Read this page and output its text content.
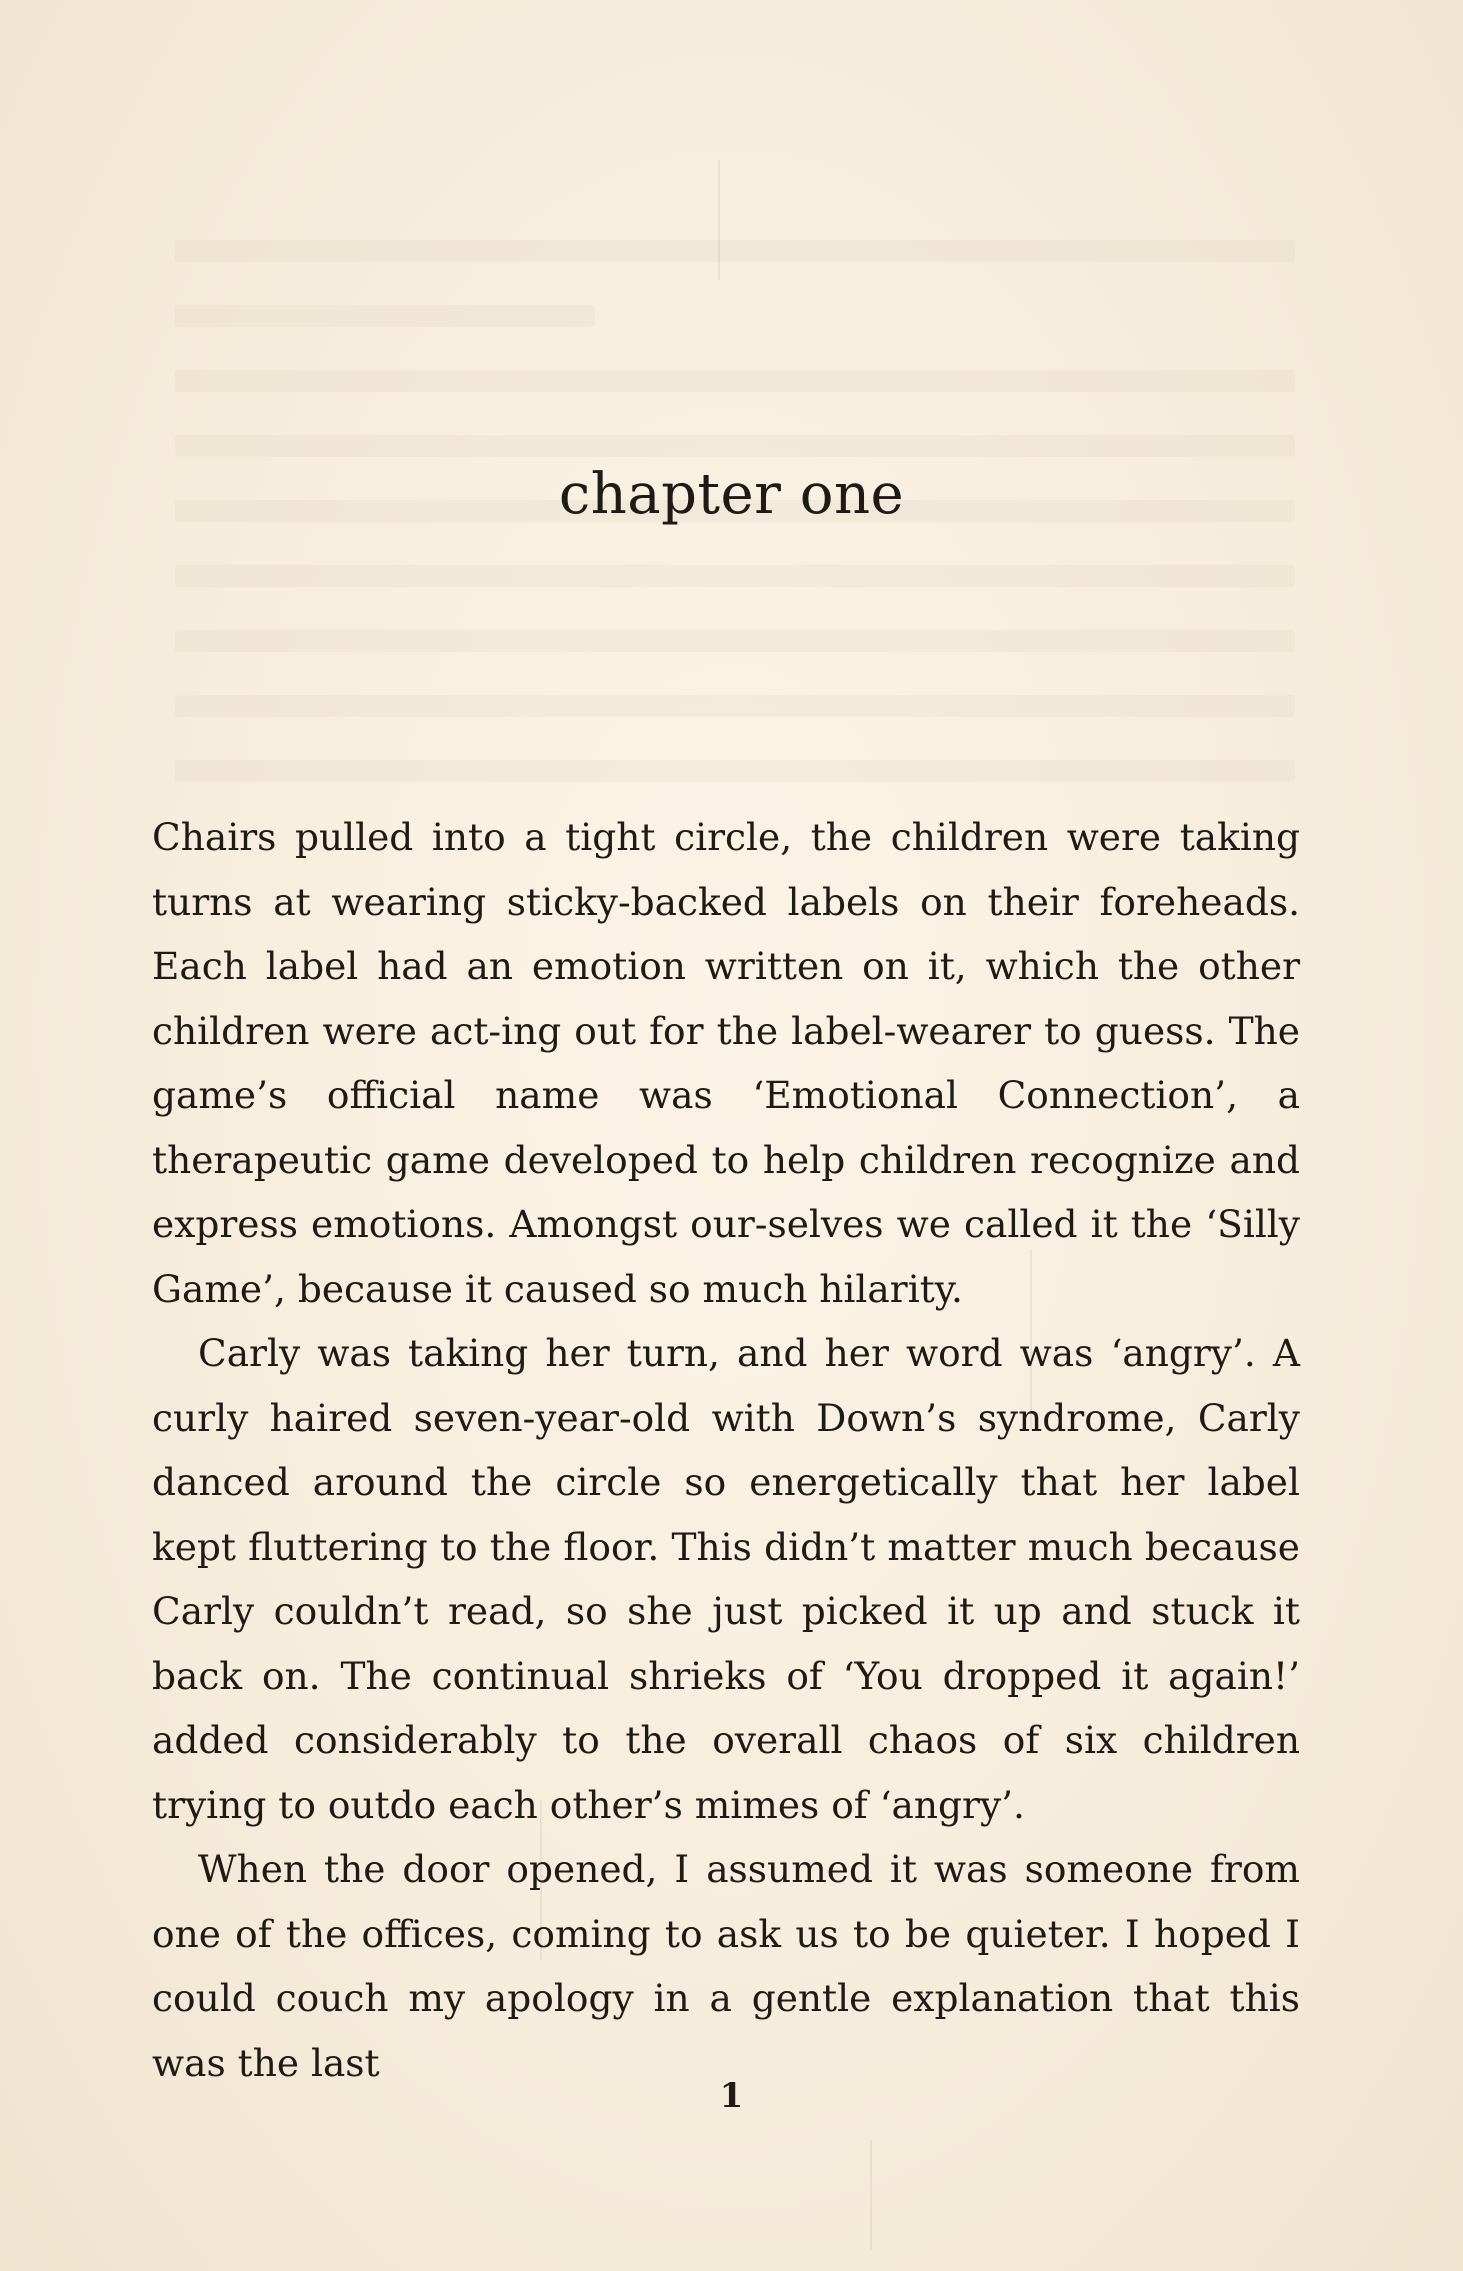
chapter one

Chairs pulled into a tight circle, the children were taking turns at wearing sticky-backed labels on their foreheads. Each label had an emotion written on it, which the other children were act-ing out for the label-wearer to guess. The game’s official name was ‘Emotional Connection’, a therapeutic game developed to help children recognize and express emotions. Amongst our-selves we called it the ‘Silly Game’, because it caused so much hilarity.

Carly was taking her turn, and her word was ‘angry’. A curly haired seven-year-old with Down’s syndrome, Carly danced around the circle so energetically that her label kept fluttering to the floor. This didn’t matter much because Carly couldn’t read, so she just picked it up and stuck it back on. The continual shrieks of ‘You dropped it again!’ added considerably to the overall chaos of six children trying to outdo each other’s mimes of ‘angry’.

When the door opened, I assumed it was someone from one of the offices, coming to ask us to be quieter. I hoped I could couch my apology in a gentle explanation that this was the last

1
